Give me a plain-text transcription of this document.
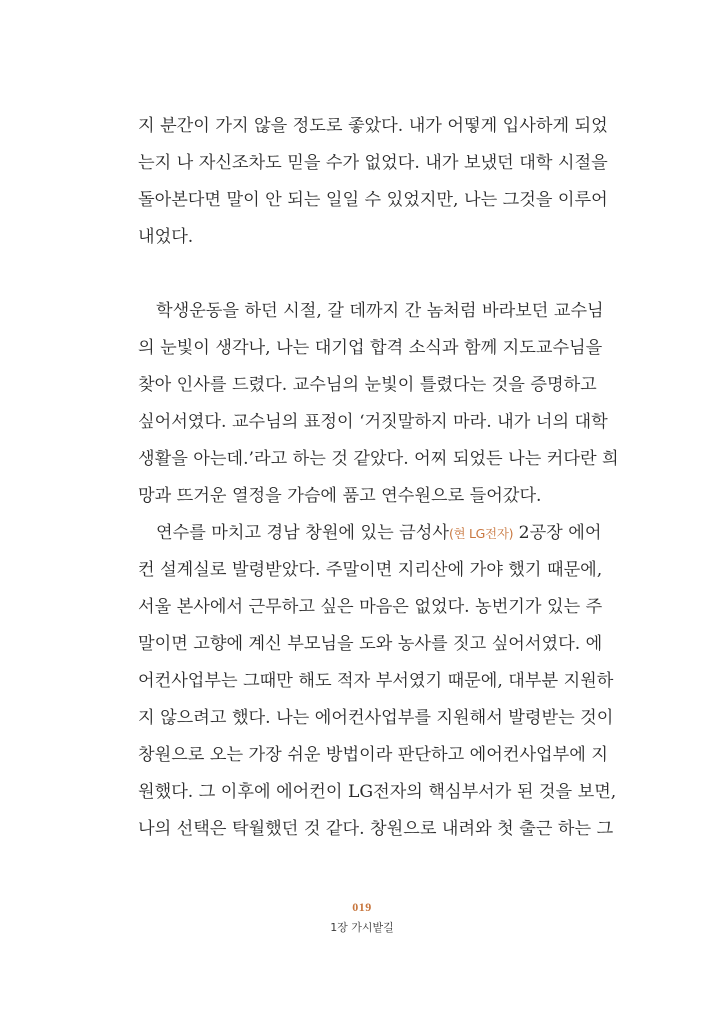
지 분간이 가지 않을 정도로 좋았다. 내가 어떻게 입사하게 되었
는지 나 자신조차도 믿을 수가 없었다. 내가 보냈던 대학 시절을
돌아본다면 말이 안 되는 일일 수 있었지만, 나는 그것을 이루어
내었다.
학생운동을 하던 시절, 갈 데까지 간 놈처럼 바라보던 교수님
의 눈빛이 생각나, 나는 대기업 합격 소식과 함께 지도교수님을
찾아 인사를 드렸다. 교수님의 눈빛이 틀렸다는 것을 증명하고
싶어서였다. 교수님의 표정이 ‘거짓말하지 마라. 내가 너의 대학
생활을 아는데.’라고 하는 것 같았다. 어찌 되었든 나는 커다란 희
망과 뜨거운 열정을 가슴에 품고 연수원으로 들어갔다.
연수를 마치고 경남 창원에 있는 금성사(현 LG전자) 2공장 에어
컨 설계실로 발령받았다. 주말이면 지리산에 가야 했기 때문에,
서울 본사에서 근무하고 싶은 마음은 없었다. 농번기가 있는 주
말이면 고향에 계신 부모님을 도와 농사를 짓고 싶어서였다. 에
어컨사업부는 그때만 해도 적자 부서였기 때문에, 대부분 지원하
지 않으려고 했다. 나는 에어컨사업부를 지원해서 발령받는 것이
창원으로 오는 가장 쉬운 방법이라 판단하고 에어컨사업부에 지
원했다. 그 이후에 에어컨이 LG전자의 핵심부서가 된 것을 보면,
나의 선택은 탁월했던 것 같다. 창원으로 내려와 첫 출근 하는 그
019
1장 가시밭길
